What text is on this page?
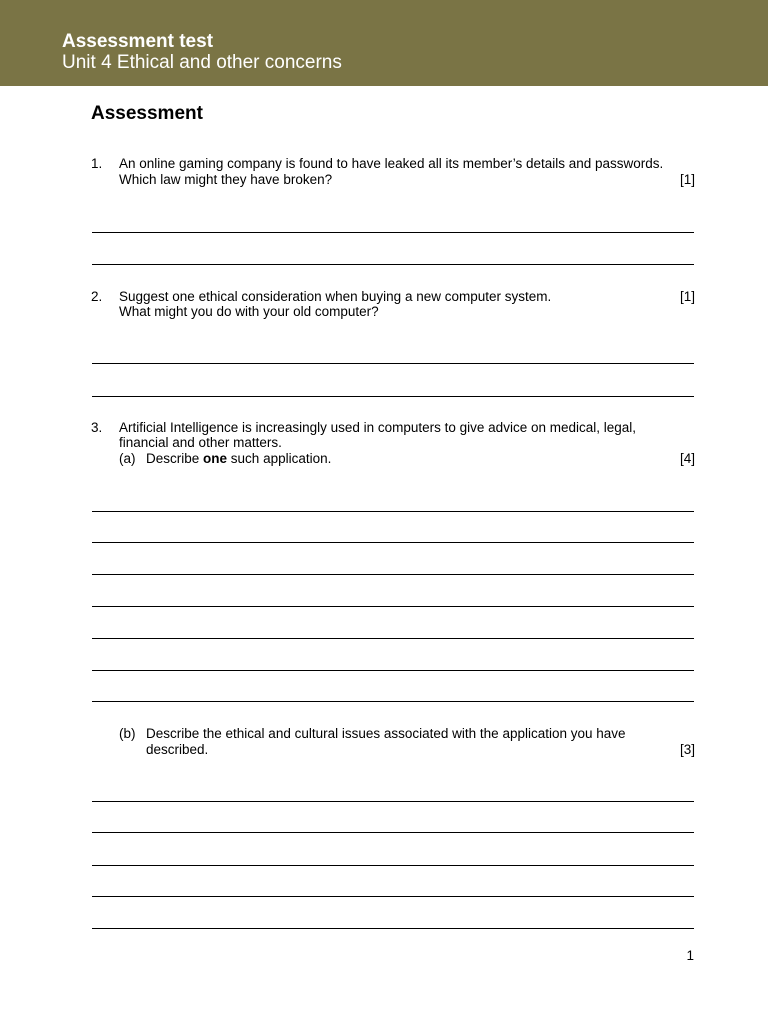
Assessment test
Unit 4 Ethical and other concerns
Assessment
1. An online gaming company is found to have leaked all its member’s details and passwords.
Which law might they have broken?	[1]
2. Suggest one ethical consideration when buying a new computer system.	[1]
What might you do with your old computer?
3. Artificial Intelligence is increasingly used in computers to give advice on medical, legal,
financial and other matters.
(a) Describe one such application.	[4]
(b) Describe the ethical and cultural issues associated with the application you have
described.	[3]
1
